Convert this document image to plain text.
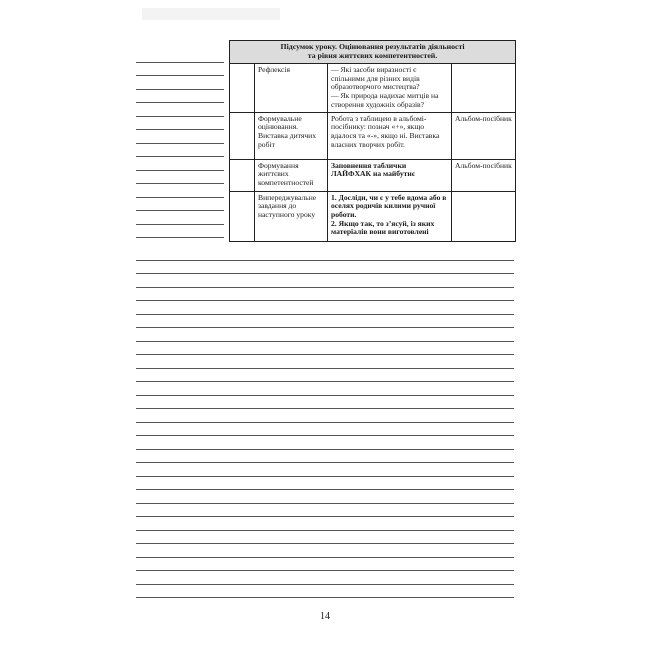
Підсумок уроку. Оцінювання результатів діяльності
та рівня життєвих компетентностей.			

	Рефлексія	— Які засоби виразності є спільними для різних видів образотворчого мистецтва?
— Як природа надихає митців на створення художніх образів?	

	Формувальне оцінювання. Виставка дитячих робіт	Робота з таблицею в альбомі-посібнику: познач «+», якщо вдалося та «-», якщо ні. Виставка власних творчих робіт.	Альбом-посібник
	Формування життєвих компетентностей	Заповнення таблички ЛАЙФХАК на майбутнє	Альбом-посібник
	Випереджувальне завдання до наступного уроку	1. Досліди, чи є у тебе вдома або в оселях родичів килими ручної роботи.
2. Якщо так, то з’ясуй, із яких матеріалів вони виготовлені	

14
